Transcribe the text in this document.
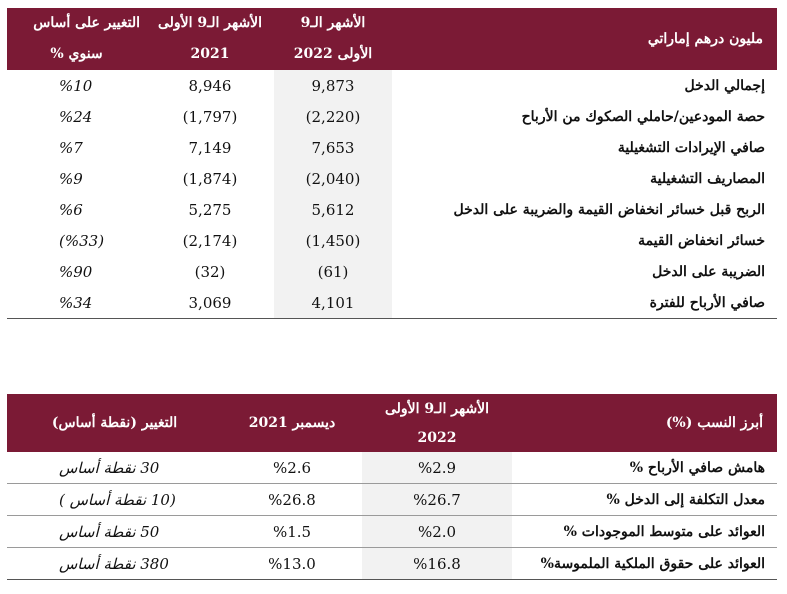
مليون درهم إماراتي	الأشهر الـ9	الأشهر الـ9 الأولى	التغيير على أساس
	الأولى 2022	2021	سنوي %
إجمالي الدخل	9,873	8,946	%10
حصة المودعين/حاملي الصكوك من الأرباح	(2,220)	(1,797)	%24
صافي الإيرادات التشغيلية	7,653	7,149	%7
المصاريف التشغيلية	(2,040)	(1,874)	%9
الربح قبل خسائر انخفاض القيمة والضريبة على الدخل	5,612	5,275	%6
خسائر انخفاض القيمة	(1,450)	(2,174)	(%33)
الضريبة على الدخل	(61)	(32)	%90
صافي الأرباح للفترة	4,101	3,069	%34
أبرز النسب (%)	الأشهر الـ9 الأولى	ديسمبر 2021	التغيير (نقطة أساس)
	2022		
هامش صافي الأرباح %	%2.9	%2.6	30 نقطة أساس
معدل التكلفة إلى الدخل %	%26.7	%26.8	(10 نقطة أساس )
العوائد على متوسط الموجودات %	%2.0	%1.5	50 نقطة أساس
العوائد على حقوق الملكية الملموسة%	%16.8	%13.0	380 نقطة أساس
